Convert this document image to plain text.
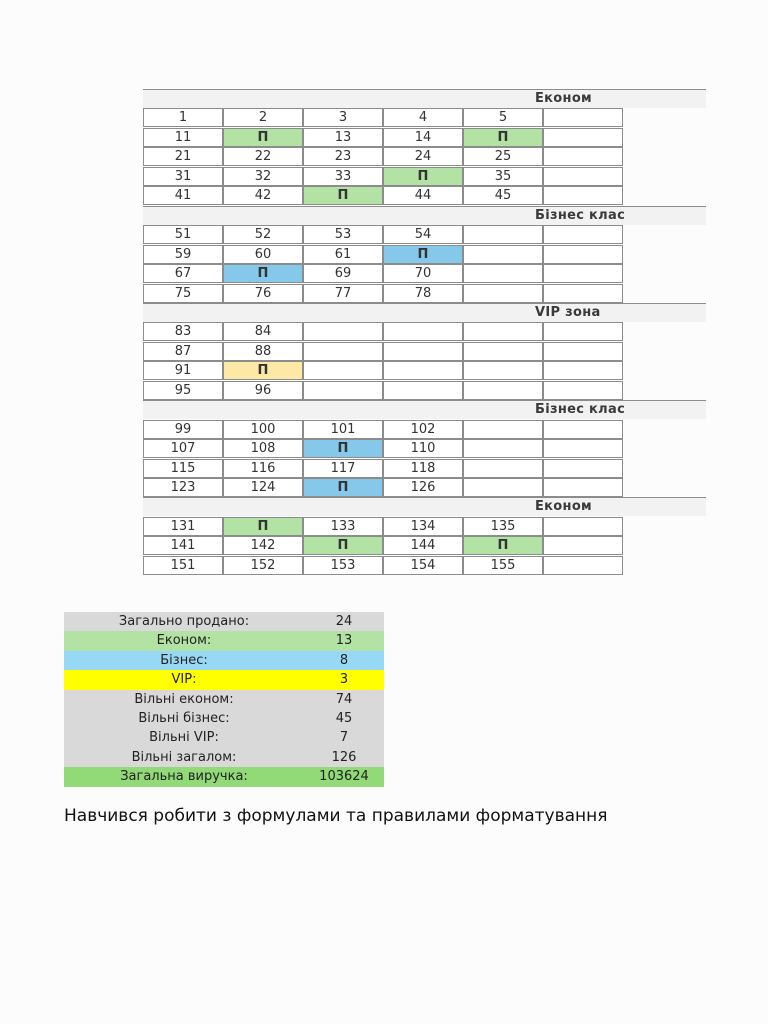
Економ
1	2	3	4	5
11	П	13	14	П
21	22	23	24	25
31	32	33	П	35
41	42	П	44	45
Бізнес клас
51	52	53	54
59	60	61	П
67	П	69	70
75	76	77	78
VIP зона
83	84
87	88
91	П
95	96
Бізнес клас
99	100	101	102
107	108	П	110
115	116	117	118
123	124	П	126
Економ
131	П	133	134	135
141	142	П	144	П
151	152	153	154	155
Загально продано:	24
Економ:	13
Бізнес:	8
VIP:	3
Вільні економ:	74
Вільні бізнес:	45
Вільні VIP:	7
Вільні загалом:	126
Загальна виручка:	103624
Навчився робити з формулами та правилами форматування
